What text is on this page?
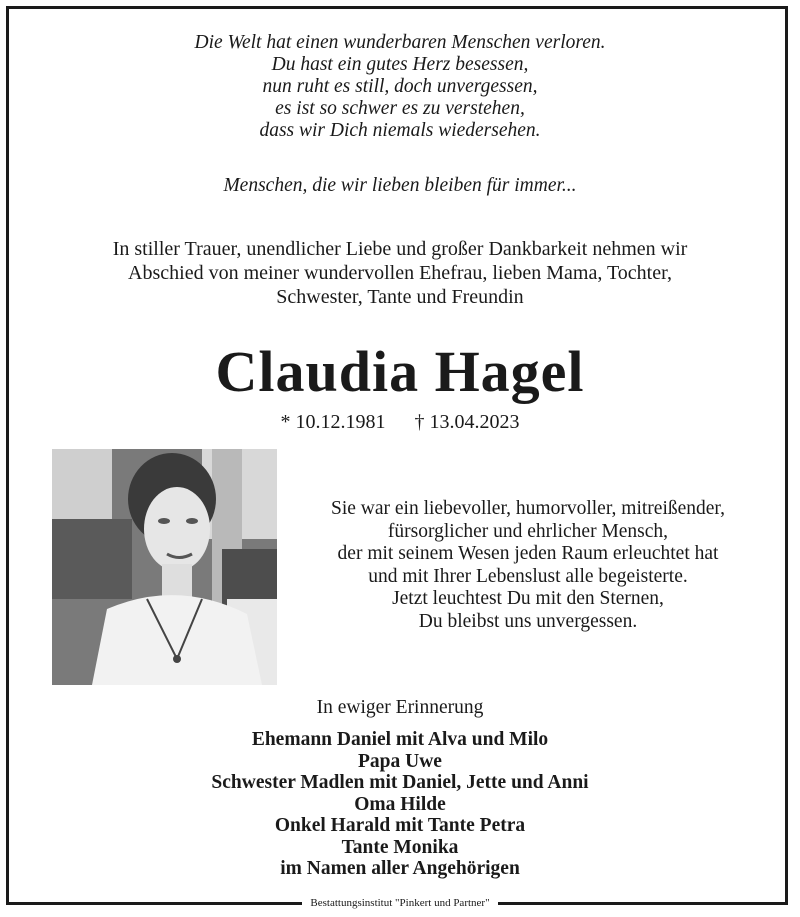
Die Welt hat einen wunderbaren Menschen verloren.
Du hast ein gutes Herz besessen,
nun ruht es still, doch unvergessen,
es ist so schwer es zu verstehen,
dass wir Dich niemals wiedersehen.
Menschen, die wir lieben bleiben für immer...
In stiller Trauer, unendlicher Liebe und großer Dankbarkeit nehmen wir
Abschied von meiner wundervollen Ehefrau, lieben Mama, Tochter,
Schwester, Tante und Freundin
Claudia Hagel
* 10.12.1981 † 13.04.2023
Sie war ein liebevoller, humorvoller, mitreißender,
fürsorglicher und ehrlicher Mensch,
der mit seinem Wesen jeden Raum erleuchtet hat
und mit Ihrer Lebenslust alle begeisterte.
Jetzt leuchtest Du mit den Sternen,
Du bleibst uns unvergessen.
In ewiger Erinnerung
Ehemann Daniel mit Alva und Milo
Papa Uwe
Schwester Madlen mit Daniel, Jette und Anni
Oma Hilde
Onkel Harald mit Tante Petra
Tante Monika
im Namen aller Angehörigen
Bestattungsinstitut "Pinkert und Partner"
